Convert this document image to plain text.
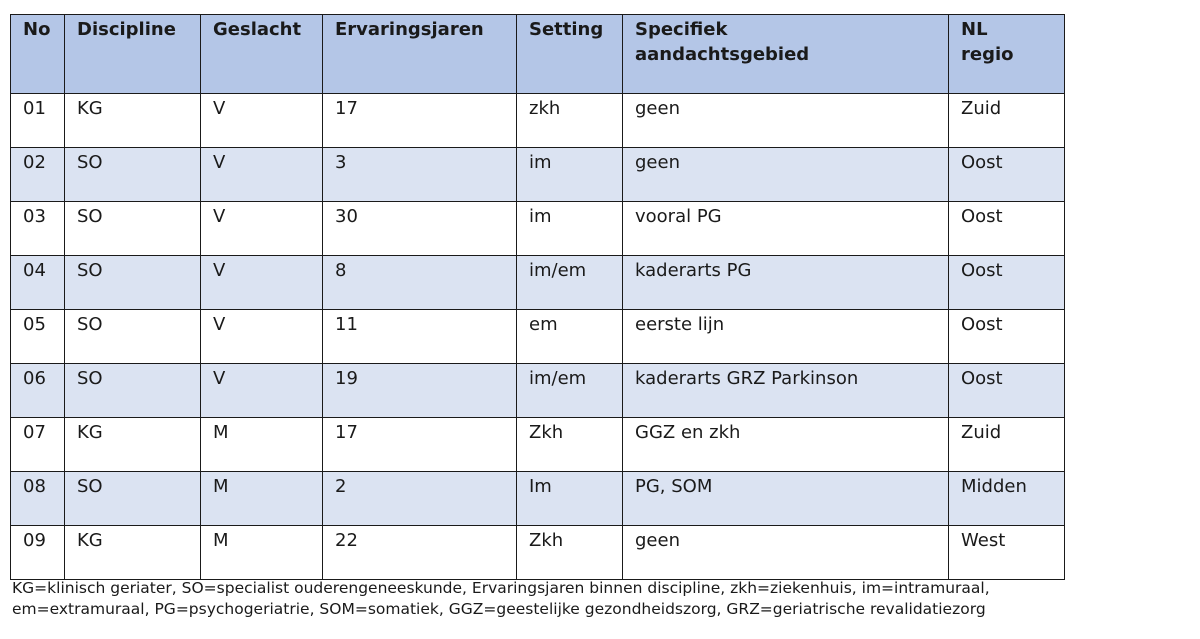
No	Discipline	Geslacht	Ervaringsjaren	Setting	Specifiek
aandachtsgebied	NL
regio
01	KG	V	17	zkh	geen	Zuid
02	SO	V	3	im	geen	Oost
03	SO	V	30	im	vooral PG	Oost
04	SO	V	8	im/em	kaderarts PG	Oost
05	SO	V	11	em	eerste lijn	Oost
06	SO	V	19	im/em	kaderarts GRZ Parkinson	Oost
07	KG	M	17	Zkh	GGZ en zkh	Zuid
08	SO	M	2	Im	PG, SOM	Midden
09	KG	M	22	Zkh	geen	West
KG=klinisch geriater, SO=specialist ouderengeneeskunde, Ervaringsjaren binnen discipline, zkh=ziekenhuis, im=intramuraal,
em=extramuraal, PG=psychogeriatrie, SOM=somatiek, GGZ=geestelijke gezondheidszorg, GRZ=geriatrische revalidatiezorg
